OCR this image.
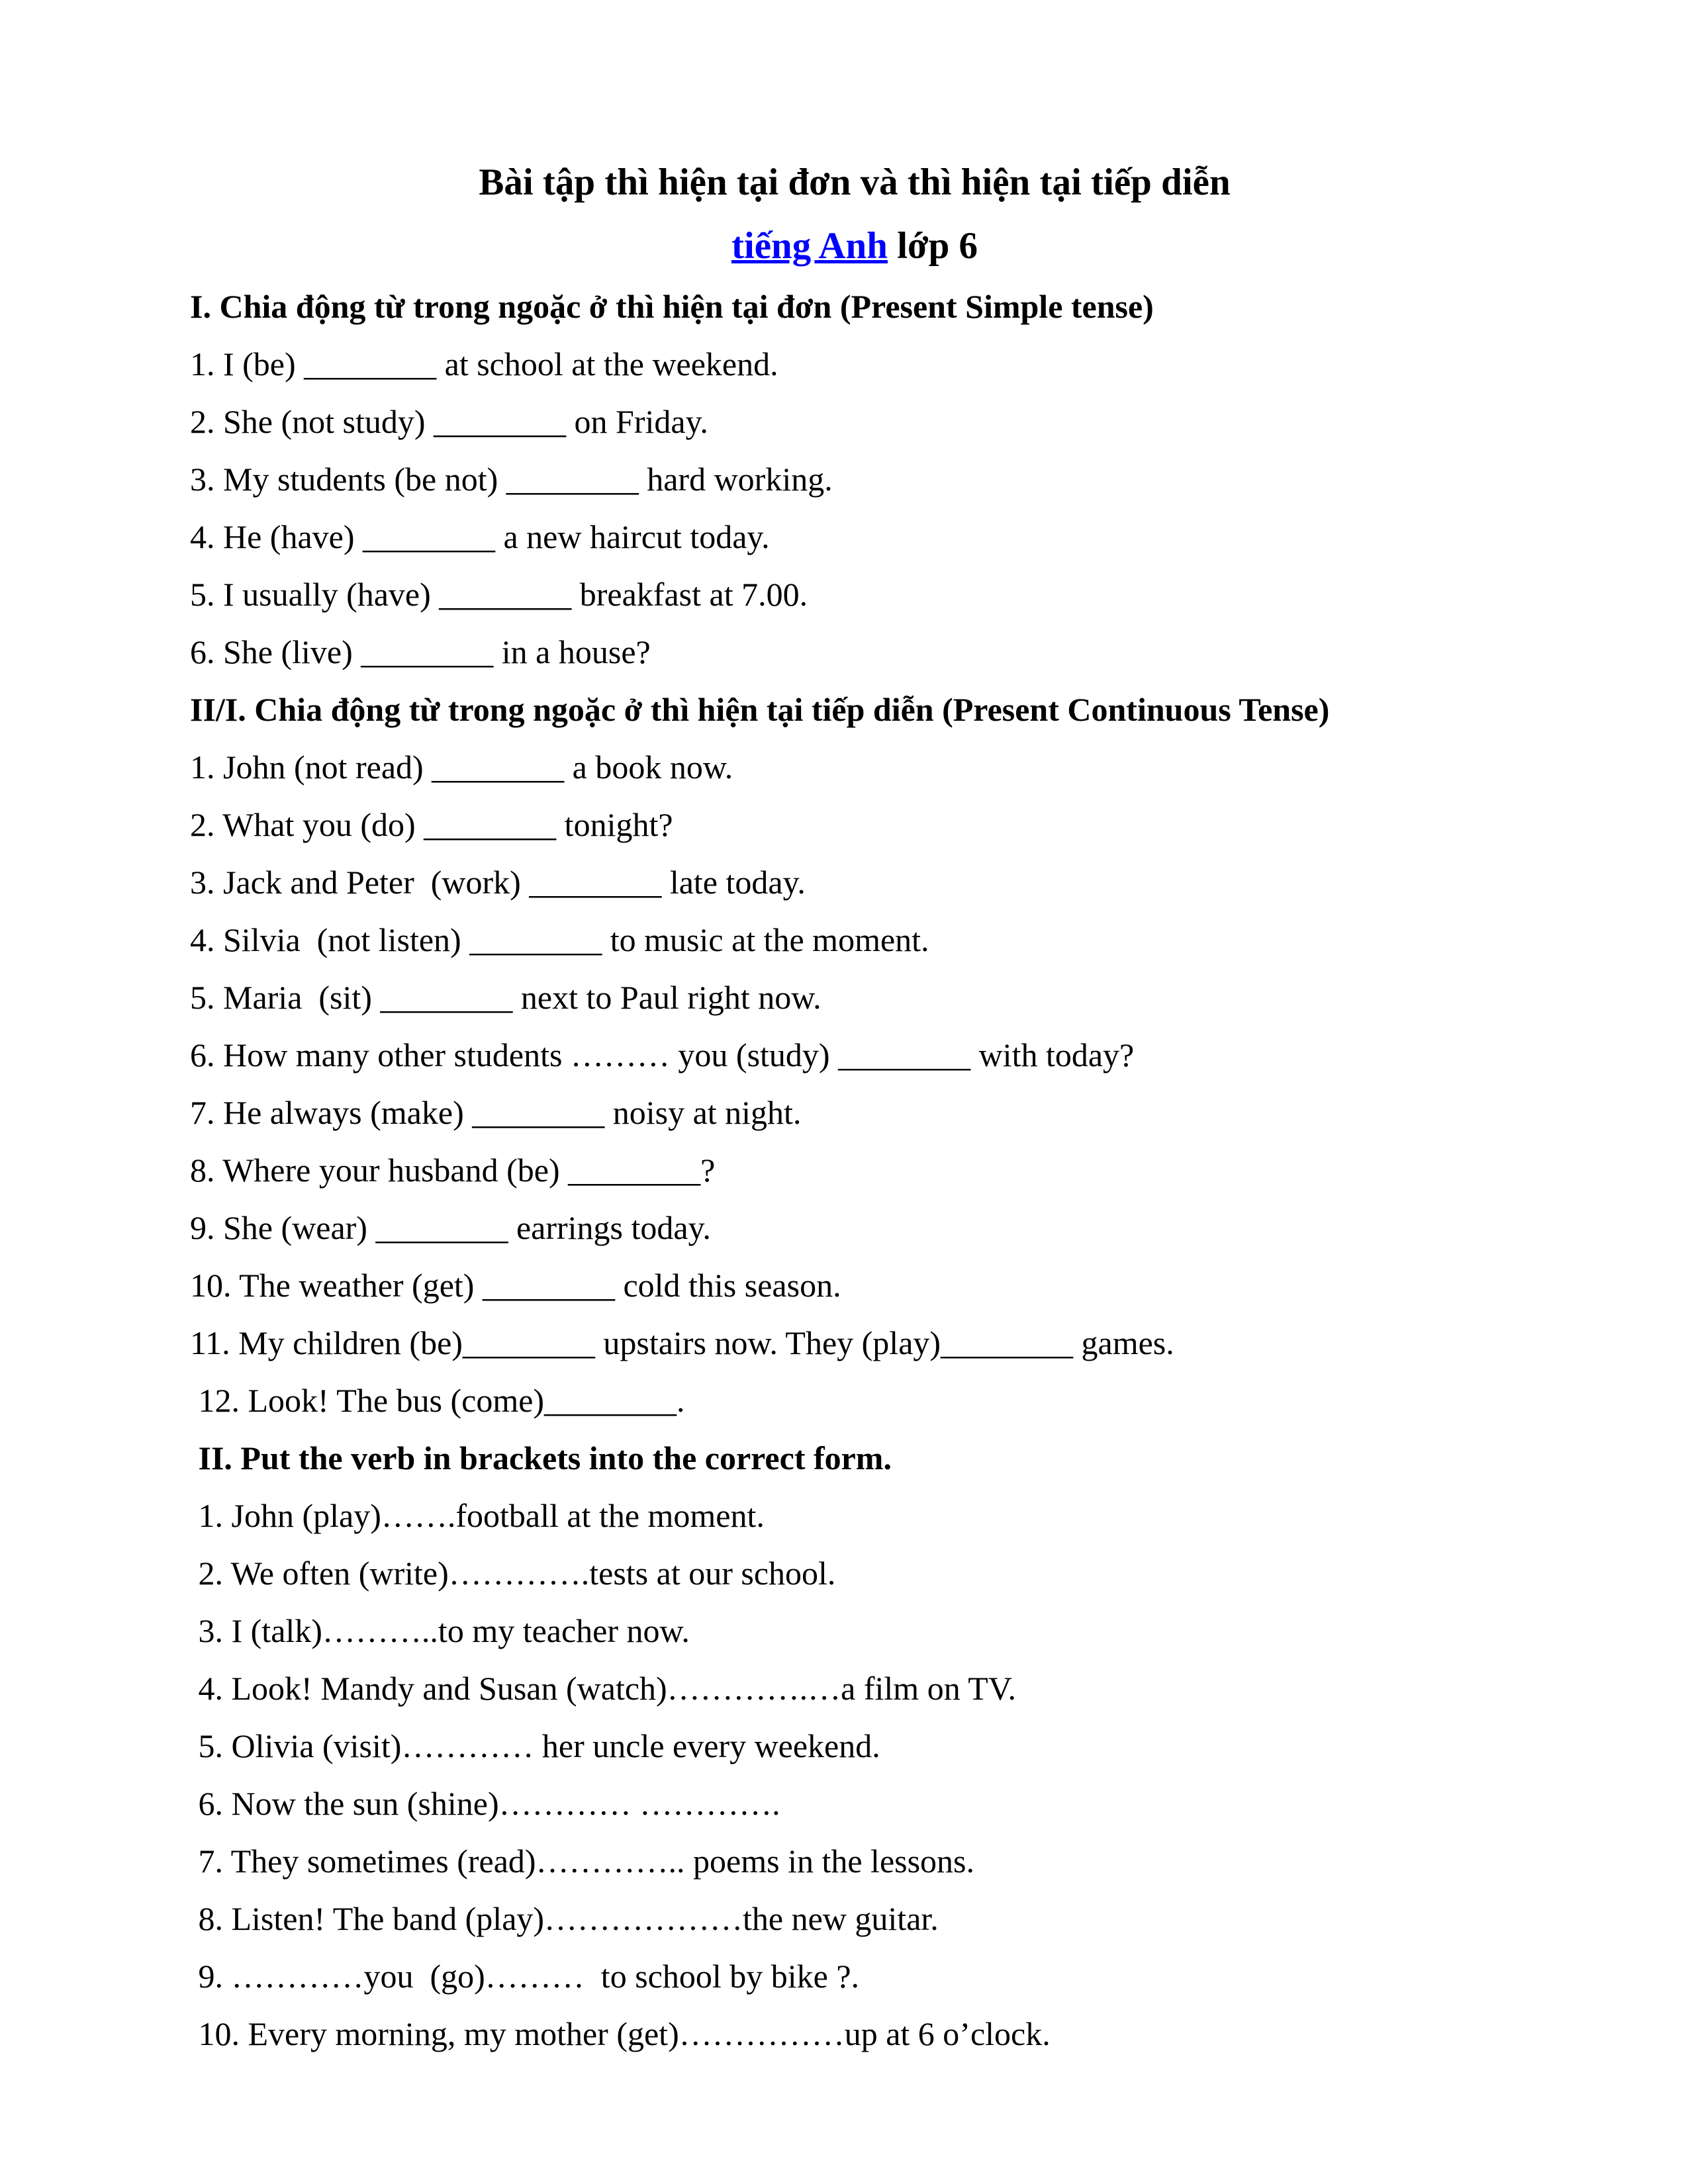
Bài tập thì hiện tại đơn và thì hiện tại tiếp diễn
tiếng Anh lớp 6
I. Chia động từ trong ngoặc ở thì hiện tại đơn (Present Simple tense)
1. I (be) ________ at school at the weekend.
2. She (not study) ________ on Friday.
3. My students (be not) ________ hard working.
4. He (have) ________ a new haircut today.
5. I usually (have) ________ breakfast at 7.00.
6. She (live) ________ in a house?
II/I. Chia động từ trong ngoặc ở thì hiện tại tiếp diễn (Present Continuous Tense)
1. John (not read) ________ a book now.
2. What you (do) ________ tonight?
3. Jack and Peter  (work) ________ late today.
4. Silvia  (not listen) ________ to music at the moment.
5. Maria  (sit) ________ next to Paul right now.
6. How many other students ……… you (study) ________ with today?
7. He always (make) ________ noisy at night.
8. Where your husband (be) ________?
9. She (wear) ________ earrings today.
10. The weather (get) ________ cold this season.
11. My children (be)________ upstairs now. They (play)________ games.
12. Look! The bus (come)________.
II. Put the verb in brackets into the correct form.
1. John (play)…….football at the moment.
2. We often (write)………….tests at our school.
3. I (talk)………..to my teacher now.
4. Look! Mandy and Susan (watch)………….…a film on TV.
5. Olivia (visit)………… her uncle every weekend.
6. Now the sun (shine)………… ………….
7. They sometimes (read)………….. poems in the lessons.
8. Listen! The band (play)………………the new guitar.
9. …………you  (go)………  to school by bike ?.
10. Every morning, my mother (get)……………up at 6 o’clock.
